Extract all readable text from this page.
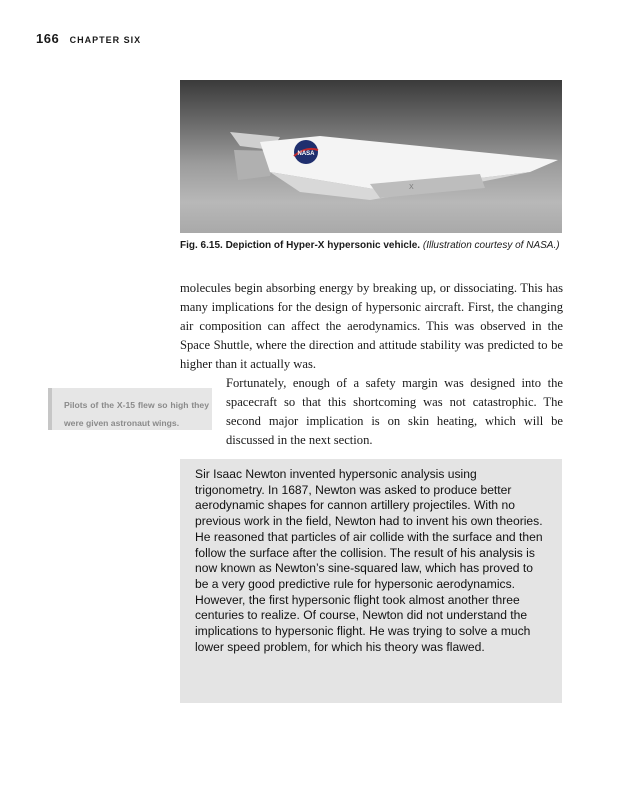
166 CHAPTER SIX
NASA
X
Fig. 6.15. Depiction of Hyper-X hypersonic vehicle. (Illustration courtesy of NASA.)
molecules begin absorbing energy by breaking up, or dissociating. This has many implications for the design of hypersonic aircraft. First, the changing air composition can affect the aerodynamics. This was observed in the Space Shuttle, where the direction and attitude stability was predicted to be higher than it actually was.
Fortunately, enough of a safety margin was designed into the spacecraft so that this shortcoming was not catastrophic. The second major implication is on skin heating, which will be discussed in the next section.
Pilots of the X-15 flew so high they were given astronaut wings.
Sir Isaac Newton invented hypersonic analysis using trigonometry. In 1687, Newton was asked to produce better aerodynamic shapes for cannon artillery projectiles. With no previous work in the field, Newton had to invent his own theories. He reasoned that particles of air collide with the surface and then follow the surface after the collision. The result of his analysis is now known as Newton’s sine-squared law, which has proved to be a very good predictive rule for hypersonic aerodynamics. However, the first hypersonic flight took almost another three centuries to realize. Of course, Newton did not understand the implications to hypersonic flight. He was trying to solve a much lower speed problem, for which his theory was flawed.
